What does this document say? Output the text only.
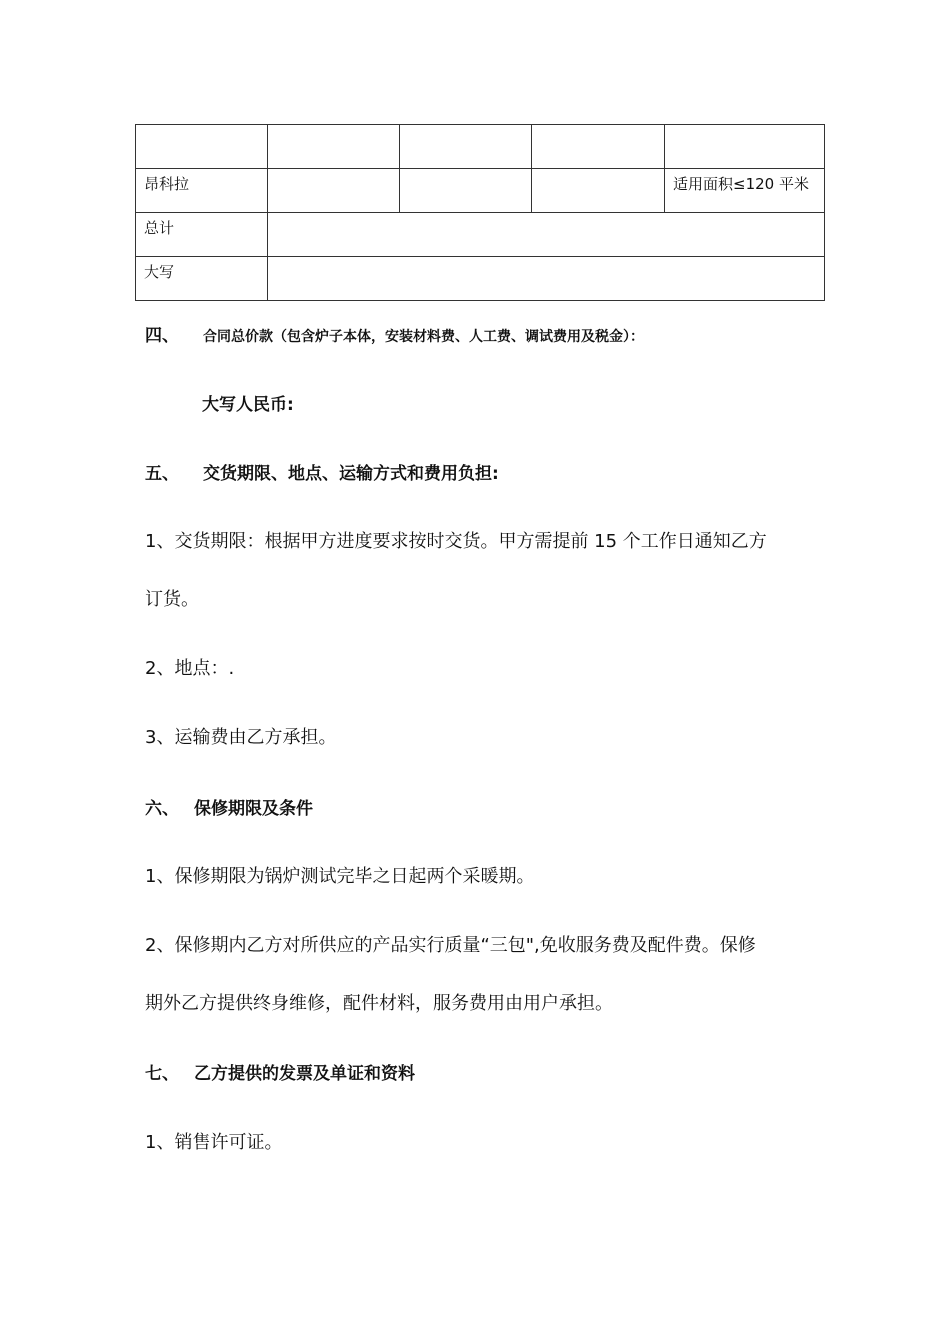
昂科拉				适用面积≤120 平米
总计				
大写				
四、 合同总价款（包含炉子本体，安装材料费、人工费、调试费用及税金）：
大写人民币:
五、 交货期限、地点、运输方式和费用负担:
1、交货期限：根据甲方进度要求按时交货。甲方需提前 15 个工作日通知乙方
订货。
2、地点：.
3、运输费由乙方承担。
六、 保修期限及条件
1、保修期限为锅炉测试完毕之日起两个采暖期。
2、保修期内乙方对所供应的产品实行质量“三包",免收服务费及配件费。保修
期外乙方提供终身维修，配件材料，服务费用由用户承担。
七、 乙方提供的发票及单证和资料
1、销售许可证。
